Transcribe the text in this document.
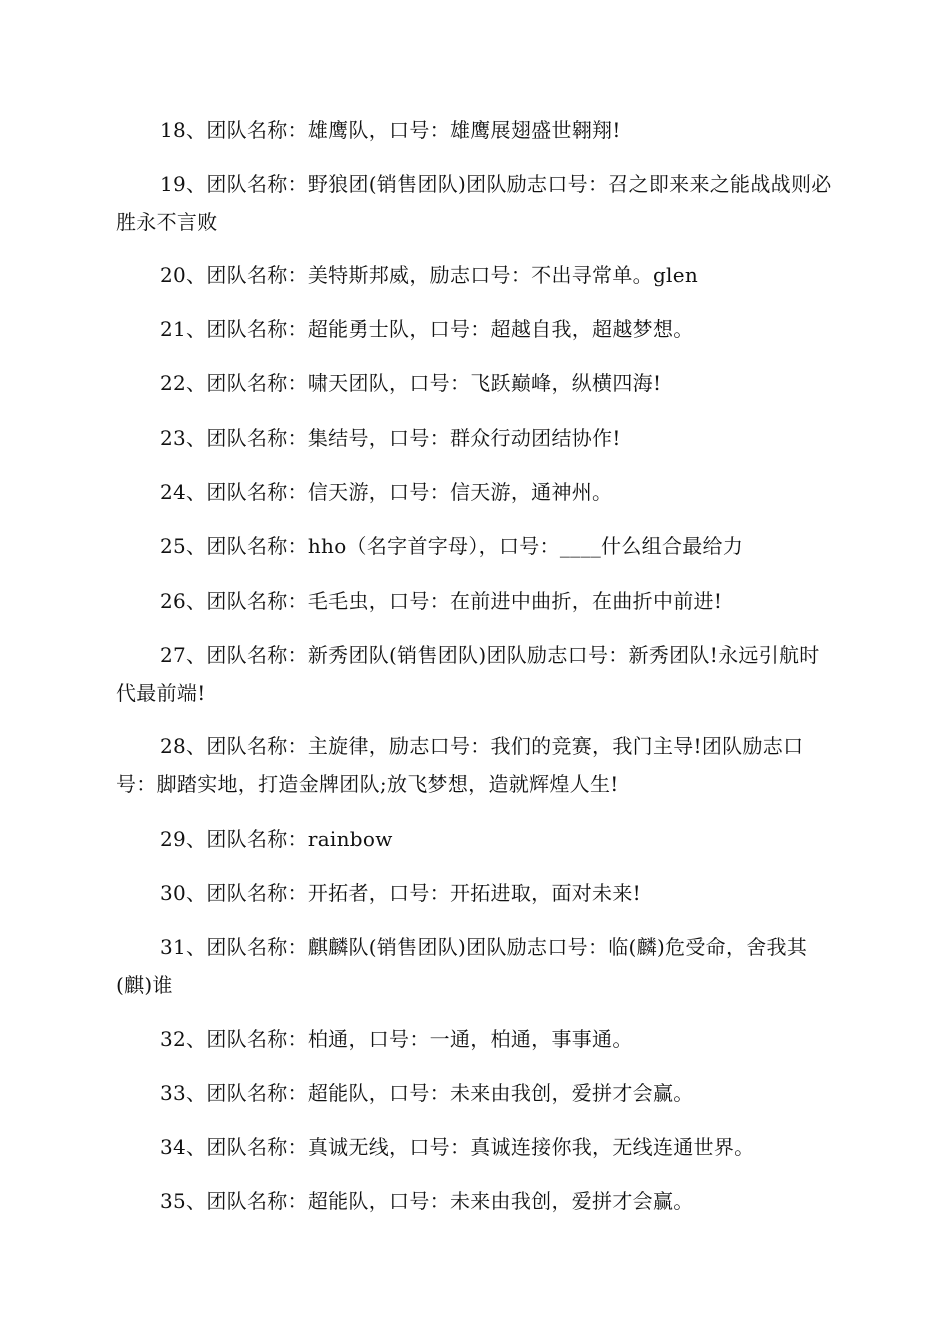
18、团队名称：雄鹰队，口号：雄鹰展翅盛世翱翔!

19、团队名称：野狼团(销售团队)团队励志口号：召之即来来之能战战则必胜永不言败

20、团队名称：美特斯邦威，励志口号：不出寻常单。glen

21、团队名称：超能勇士队，口号：超越自我，超越梦想。

22、团队名称：啸天团队，口号：飞跃巅峰，纵横四海!

23、团队名称：集结号，口号：群众行动团结协作!

24、团队名称：信天游，口号：信天游，通神州。

25、团队名称：hho（名字首字母），口号：____什么组合最给力

26、团队名称：毛毛虫，口号：在前进中曲折，在曲折中前进!

27、团队名称：新秀团队(销售团队)团队励志口号：新秀团队!永远引航时代最前端!

28、团队名称：主旋律，励志口号：我们的竞赛，我门主导!团队励志口号：脚踏实地，打造金牌团队;放飞梦想，造就辉煌人生!

29、团队名称：rainbow

30、团队名称：开拓者，口号：开拓进取，面对未来!

31、团队名称：麒麟队(销售团队)团队励志口号：临(麟)危受命，舍我其(麒)谁

32、团队名称：柏通，口号：一通，柏通，事事通。

33、团队名称：超能队，口号：未来由我创，爱拼才会赢。

34、团队名称：真诚无线，口号：真诚连接你我，无线连通世界。

35、团队名称：超能队，口号：未来由我创，爱拼才会赢。
